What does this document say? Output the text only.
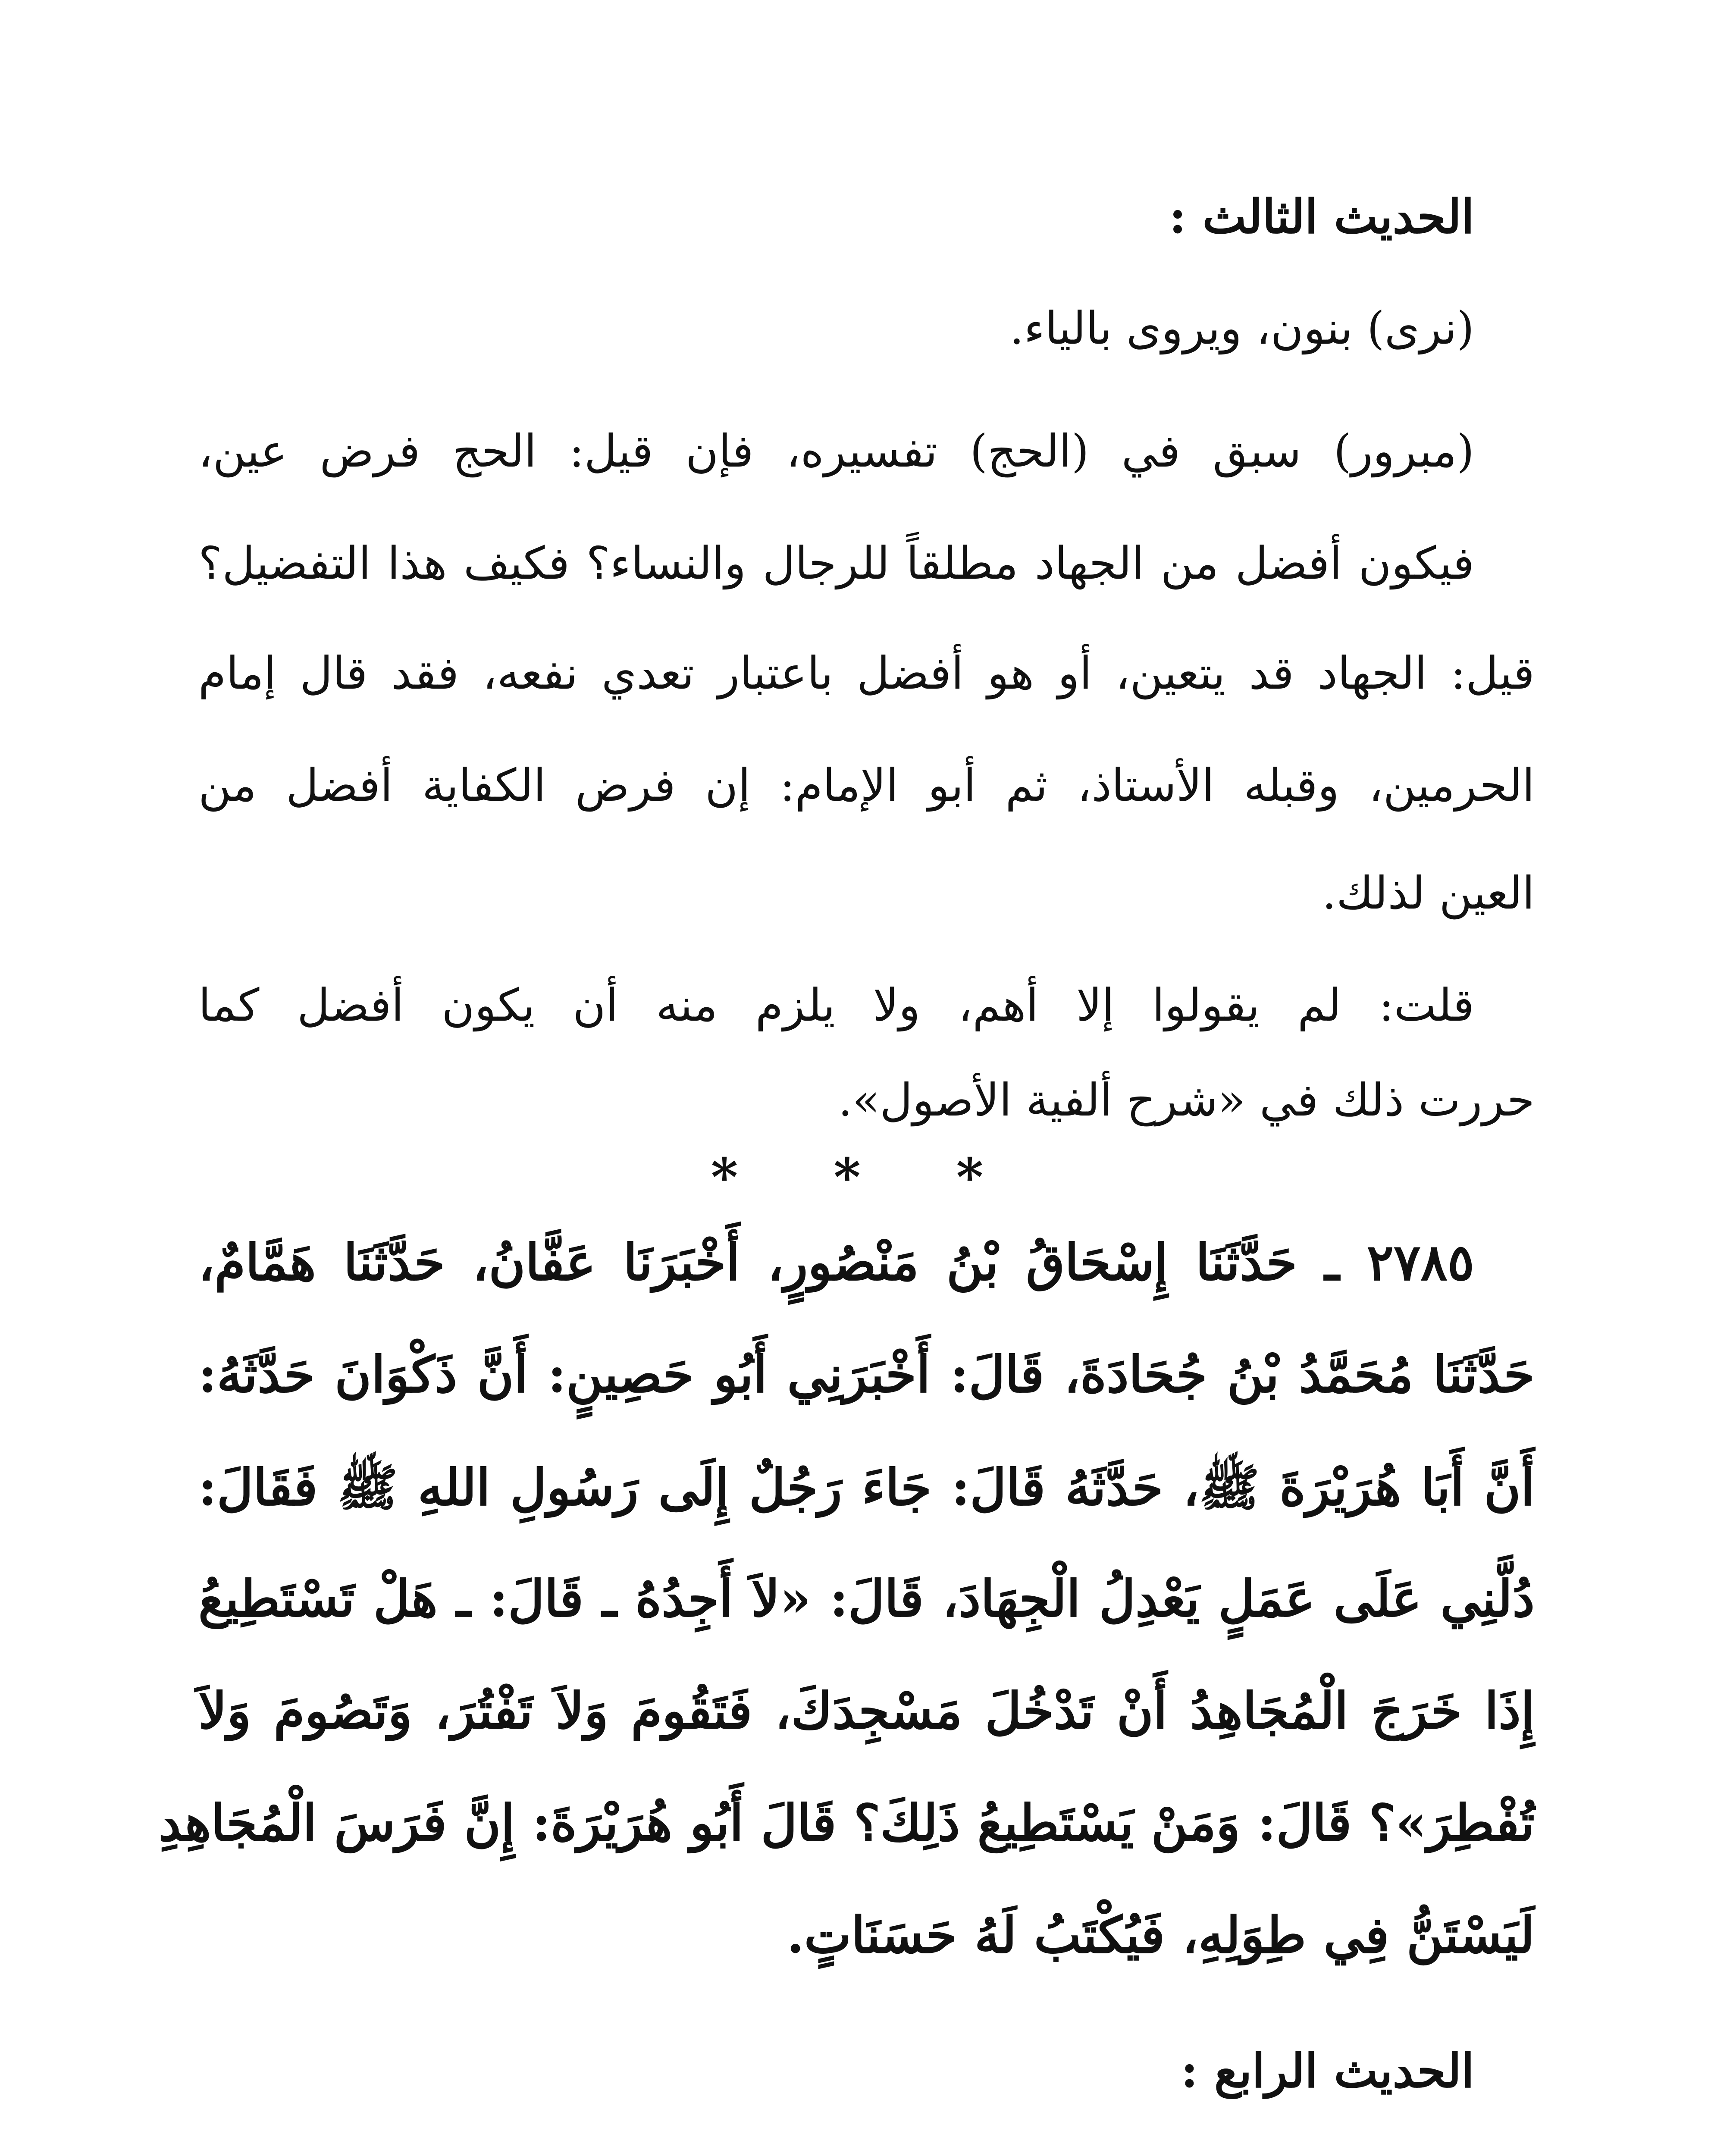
الحديث الثالث :
(نرى) بنون، ويروى بالياء.
(مبرور) سبق في (الحج) تفسيره، فإن قيل: الحج فرض عين،
فيكون أفضل من الجهاد مطلقاً للرجال والنساء؟ فكيف هذا التفضيل؟
قيل: الجهاد قد يتعين، أو هو أفضل باعتبار تعدي نفعه، فقد قال إمام
الحرمين، وقبله الأستاذ، ثم أبو الإمام: إن فرض الكفاية أفضل من
العين لذلك.
قلت: لم يقولوا إلا أهم، ولا يلزم منه أن يكون أفضل كما
حررت ذلك في «شرح ألفية الأصول».
* * *
٢٧٨٥ ـ حَدَّثَنَا إِسْحَاقُ بْنُ مَنْصُورٍ، أَخْبَرَنَا عَفَّانُ، حَدَّثَنَا هَمَّامٌ،
حَدَّثَنَا مُحَمَّدُ بْنُ جُحَادَةَ، قَالَ: أَخْبَرَنِي أَبُو حَصِينٍ: أَنَّ ذَكْوَانَ حَدَّثَهُ:
أَنَّ أَبَا هُرَيْرَةَ ﷺ، حَدَّثَهُ قَالَ: جَاءَ رَجُلٌ إِلَى رَسُولِ اللهِ ﷺ فَقَالَ:
دُلَّنِي عَلَى عَمَلٍ يَعْدِلُ الْجِهَادَ، قَالَ: «لاَ أَجِدُهُ ـ قَالَ: ـ هَلْ تَسْتَطِيعُ
إِذَا خَرَجَ الْمُجَاهِدُ أَنْ تَدْخُلَ مَسْجِدَكَ، فَتَقُومَ وَلاَ تَفْتُرَ، وَتَصُومَ وَلاَ
تُفْطِرَ»؟ قَالَ: وَمَنْ يَسْتَطِيعُ ذَلِكَ؟ قَالَ أَبُو هُرَيْرَةَ: إِنَّ فَرَسَ الْمُجَاهِدِ
لَيَسْتَنُّ فِي طِوَلِهِ، فَيُكْتَبُ لَهُ حَسَنَاتٍ.
الحديث الرابع :
